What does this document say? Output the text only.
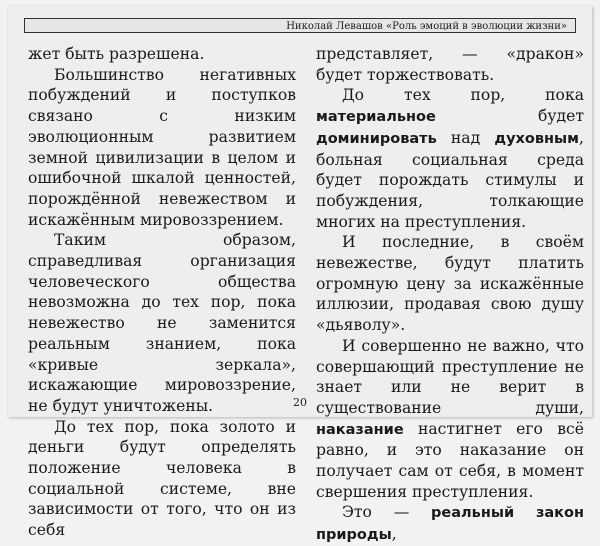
Николай Левашов «Роль эмоций в эволюции жизни»

жет быть разрешена.

Большинство негативных побуждений и поступков связано с низким эволюционным развитием земной цивилизации в целом и ошибочной шкалой ценностей, порождённой невежеством и искажённым мировоззрением.

Таким образом, справедливая организация человеческого общества невозможна до тех пор, пока невежество не заменится реальным знанием, пока «кривые зеркала», искажающие мировоззрение, не будут уничтожены.

До тех пор, пока золото и деньги будут определять положение человека в социальной системе, вне зависимости от того, что он из себя

представляет, — «дракон» будет торжествовать.

До тех пор, пока материальное будет доминировать над духовным, больная социальная среда будет порождать стимулы и побуждения, толкающие многих на преступления.

И последние, в своём невежестве, будут платить огромную цену за искажённые иллюзии, продавая свою душу «дьяволу».

И совершенно не важно, что совершающий преступление не знает или не верит в существование души, наказание настигнет его всё равно, и это наказание он получает сам от себя, в момент свершения преступления.

Это — реальный закон природы,

20
